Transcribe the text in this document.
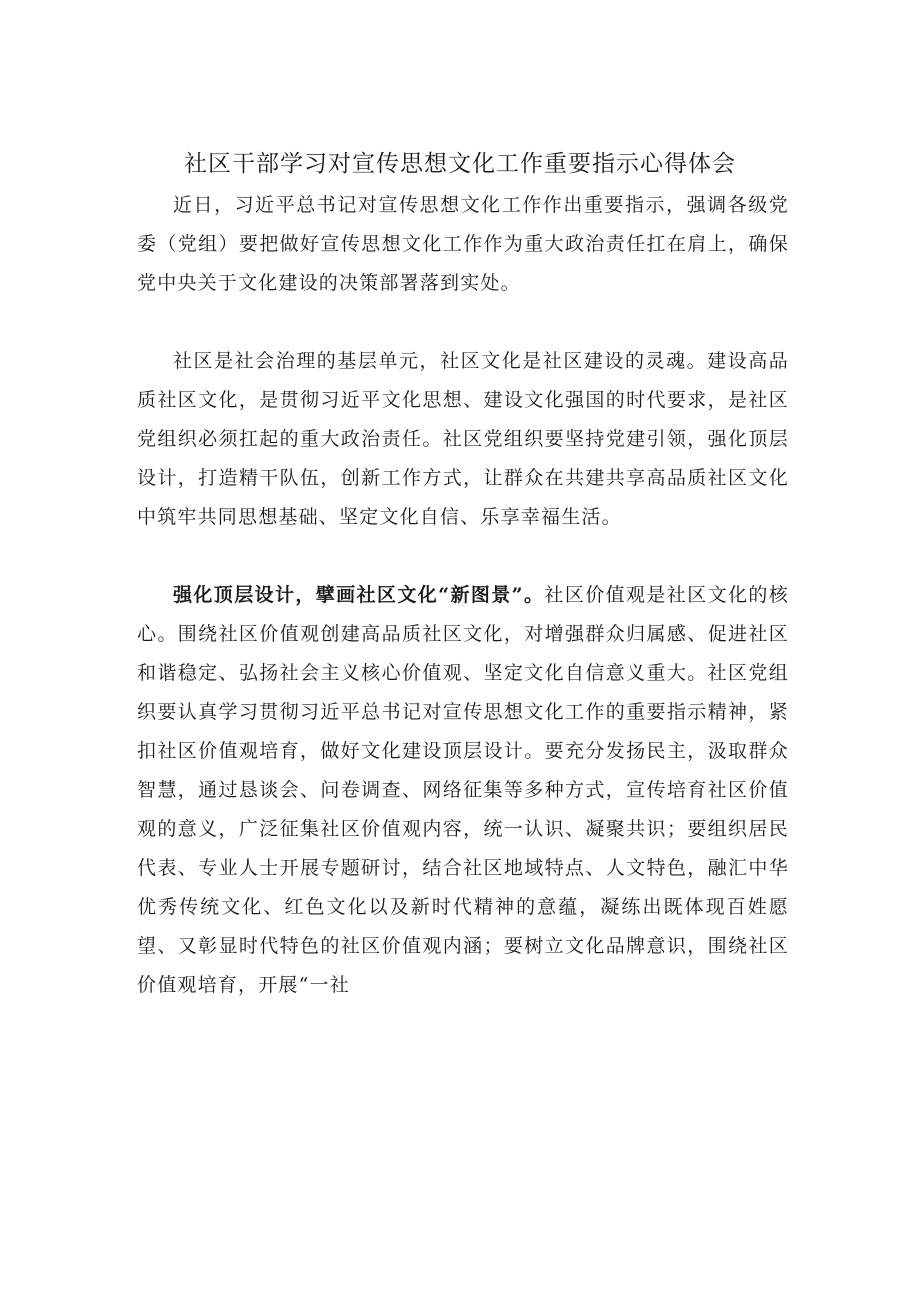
社区干部学习对宣传思想文化工作重要指示心得体会

近日，习近平总书记对宣传思想文化工作作出重要指示，强调各级党委（党组）要把做好宣传思想文化工作作为重大政治责任扛在肩上，确保党中央关于文化建设的决策部署落到实处。

社区是社会治理的基层单元，社区文化是社区建设的灵魂。建设高品质社区文化，是贯彻习近平文化思想、建设文化强国的时代要求，是社区党组织必须扛起的重大政治责任。社区党组织要坚持党建引领，强化顶层设计，打造精干队伍，创新工作方式，让群众在共建共享高品质社区文化中筑牢共同思想基础、坚定文化自信、乐享幸福生活。

强化顶层设计，擘画社区文化“新图景”。社区价值观是社区文化的核心。围绕社区价值观创建高品质社区文化，对增强群众归属感、促进社区和谐稳定、弘扬社会主义核心价值观、坚定文化自信意义重大。社区党组织要认真学习贯彻习近平总书记对宣传思想文化工作的重要指示精神，紧扣社区价值观培育，做好文化建设顶层设计。要充分发扬民主，汲取群众智慧，通过恳谈会、问卷调查、网络征集等多种方式，宣传培育社区价值观的意义，广泛征集社区价值观内容，统一认识、凝聚共识；要组织居民代表、专业人士开展专题研讨，结合社区地域特点、人文特色，融汇中华优秀传统文化、红色文化以及新时代精神的意蕴，凝练出既体现百姓愿望、又彰显时代特色的社区价值观内涵；要树立文化品牌意识，围绕社区价值观培育，开展“一社
